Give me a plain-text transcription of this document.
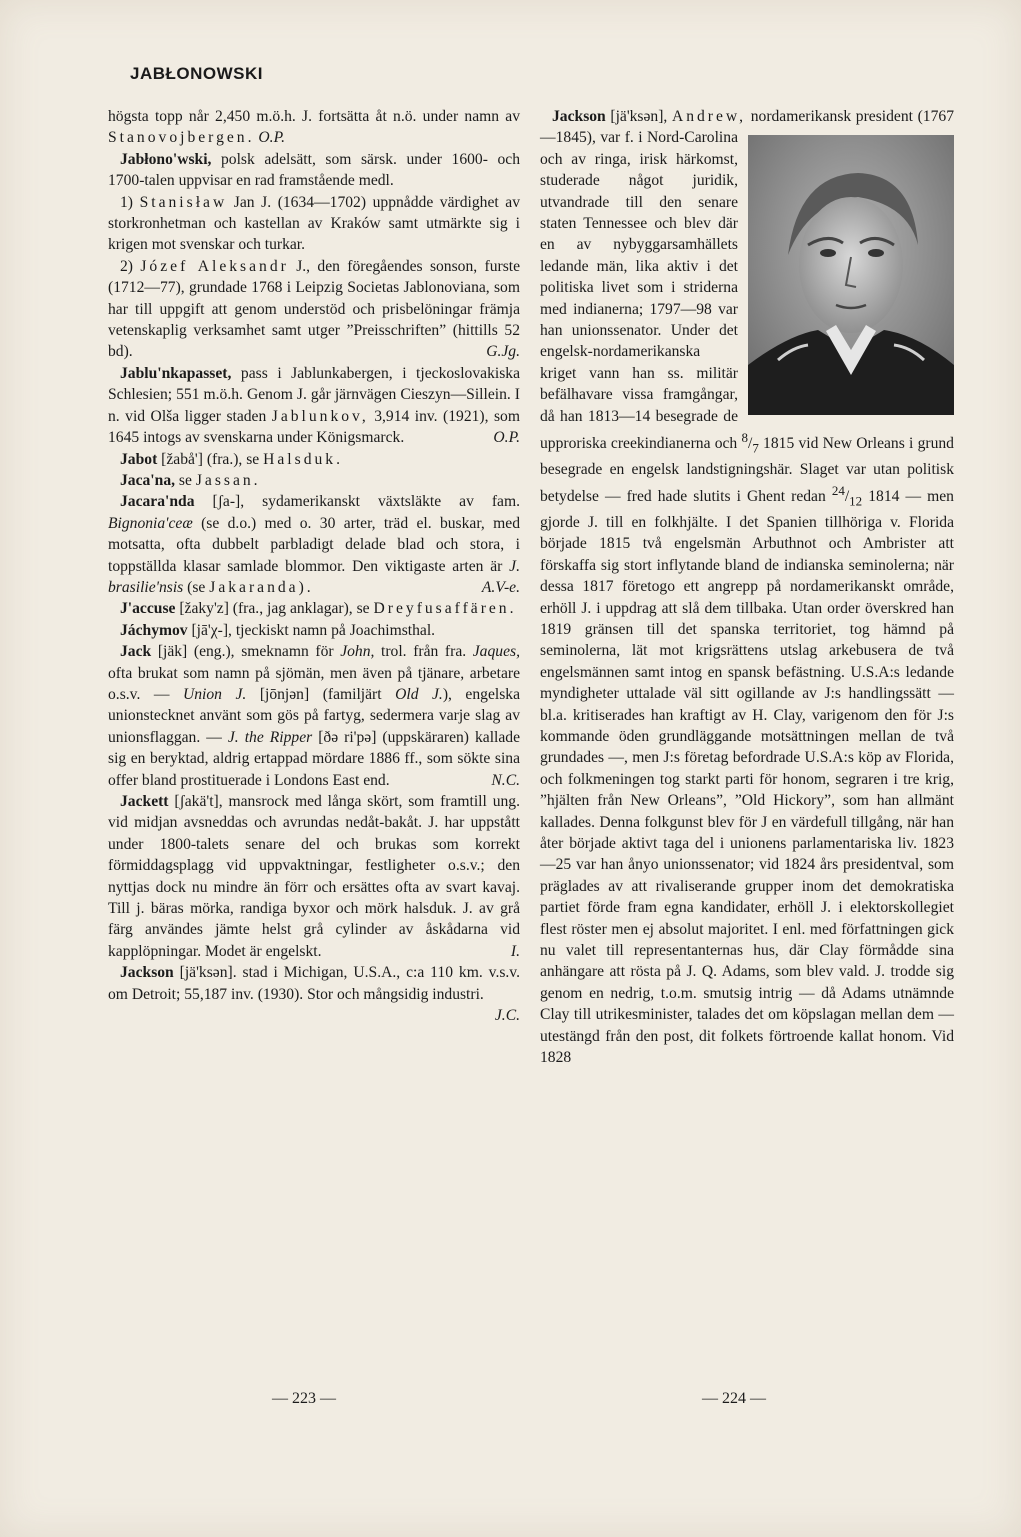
JABŁONOWSKI

högsta topp når 2,450 m.ö.h. J. fortsätta åt n.ö. under namn av Stanovojbergen. O.P.

Jabłono'wski, polsk adelsätt, som särsk. under 1600- och 1700-talen uppvisar en rad framstående medl.

1) Stanisław Jan J. (1634—1702) uppnådde värdighet av storkronhetman och kastellan av Kraków samt utmärkte sig i krigen mot svenskar och turkar.

2) Józef Aleksandr J., den föregåendes sonson, furste (1712—77), grundade 1768 i Leipzig Societas Jablonoviana, som har till uppgift att genom understöd och prisbelöningar främja vetenskaplig verksamhet samt utger ”Preisschriften” (hittills 52 bd).	G.Jg.

Jablu'nkapasset, pass i Jablunkabergen, i tjeckoslovakiska Schlesien; 551 m.ö.h. Genom J. går järnvägen Cieszyn—Sillein. I n. vid Olša ligger staden Jablunkov, 3,914 inv. (1921), som 1645 intogs av svenskarna under Königsmarck.	O.P.

Jabot [žabå'] (fra.), se Halsduk.

Jaca'na, se Jassan.

Jacara'nda [ʃa-], sydamerikanskt växtsläkte av fam. Bignonia'ceæ (se d.o.) med o. 30 arter, träd el. buskar, med motsatta, ofta dubbelt parbladigt delade blad och stora, i toppställda klasar samlade blommor. Den viktigaste arten är J. brasilie'nsis (se Jakaranda).	A.V-e.

J'accuse [žaky'z] (fra., jag anklagar), se Dreyfusaffären.

Jáchymov [jā'χ-], tjeckiskt namn på Joachimsthal.

Jack [jäk] (eng.), smeknamn för John, trol. från fra. Jaques, ofta brukat som namn på sjömän, men även på tjänare, arbetare o.s.v. — Union J. [jōnjən] (familjärt Old J.), engelska unionstecknet använt som gös på fartyg, sedermera varje slag av unionsflaggan. — J. the Ripper [ðə ri'pə] (uppskäraren) kallade sig en beryktad, aldrig ertappad mördare 1886 ff., som sökte sina offer bland prostituerade i Londons East end.	N.C.

Jackett [ʃakä't], mansrock med långa skört, som framtill ung. vid midjan avsneddas och avrundas nedåt-bakåt. J. har uppstått under 1800-talets senare del och brukas som korrekt förmiddagsplagg vid uppvaktningar, festligheter o.s.v.; den nyttjas dock nu mindre än förr och ersättes ofta av svart kavaj. Till j. bäras mörka, randiga byxor och mörk halsduk. J. av grå färg användes jämte helst grå cylinder av åskådarna vid kapplöpningar. Modet är engelskt.	I.

Jackson [jä'ksən]. stad i Michigan, U.S.A., c:a 110 km. v.s.v. om Detroit; 55,187 inv. (1930). Stor och mångsidig industri.
J.C.

Jackson [jä'ksən], Andrew, nordamerikansk president (1767—1845), var f. i Nord-Carolina och av ringa, irisk härkomst, studerade något juridik, utvandrade till den senare staten Tennessee och blev där en av nybyggarsamhällets ledande män, lika aktiv i det politiska livet som i striderna med indianerna; 1797—98 var han unionssenator. Under det engelsk-nordamerikanska kriget vann han ss. militär befälhavare vissa framgångar, då han 1813—14 besegrade de upproriska creekindianerna och $^8/_7$ 1815 vid New Orleans i grund besegrade en engelsk landstigningshär. Slaget var utan politisk betydelse — fred hade slutits i Ghent redan $^{24}/_{12}$ 1814 — men gjorde J. till en folkhjälte. I det Spanien tillhöriga v. Florida började 1815 två engelsmän Arbuthnot och Ambrister att förskaffa sig stort inflytande bland de indianska seminolerna; när dessa 1817 företogo ett angrepp på nordamerikanskt område, erhöll J. i uppdrag att slå dem tillbaka. Utan order överskred han 1819 gränsen till det spanska territoriet, tog hämnd på seminolerna, lät mot krigsrättens utslag arkebusera de två engelsmännen samt intog en spansk befästning. U.S.A:s ledande myndigheter uttalade väl sitt ogillande av J:s handlingssätt — bl.a. kritiserades han kraftigt av H. Clay, varigenom den för J:s kommande öden grundläggande motsättningen mellan de två grundades —, men J:s företag befordrade U.S.A:s köp av Florida, och folkmeningen tog starkt parti för honom, segraren i tre krig, ”hjälten från New Orleans”, ”Old Hickory”, som han allmänt kallades. Denna folkgunst blev för J en värdefull tillgång, när han åter började aktivt taga del i unionens parlamentariska liv. 1823 —25 var han ånyo unionssenator; vid 1824 års presidentval, som präglades av att rivaliserande grupper inom det demokratiska partiet förde fram egna kandidater, erhöll J. i elektorskollegiet flest röster men ej absolut majoritet. I enl. med författningen gick nu valet till representanternas hus, där Clay förmådde sina anhängare att rösta på J. Q. Adams, som blev vald. J. trodde sig genom en nedrig, t.o.m. smutsig intrig — då Adams utnämnde Clay till utrikesminister, talades det om köpslagan mellan dem — utestängd från den post, dit folkets förtroende kallat honom. Vid 1828

— 223 —	— 224 —
